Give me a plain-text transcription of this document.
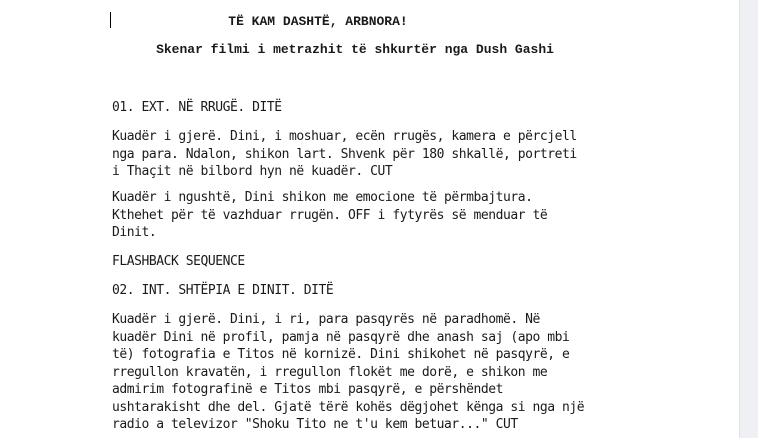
TË KAM DASHTË, ARBNORA!
Skenar filmi i metrazhit të shkurtër nga Dush Gashi
01. EXT. NË RRUGË. DITË
Kuadër i gjerë. Dini, i moshuar, ecën rrugës, kamera e përcjell
nga para. Ndalon, shikon lart. Shvenk për 180 shkallë, portreti
i Thaçit në bilbord hyn në kuadër. CUT
Kuadër i ngushtë, Dini shikon me emocione të përmbajtura.
Kthehet për të vazhduar rrugën. OFF i fytyrës së menduar të
Dinit.
FLASHBACK SEQUENCE
02. INT. SHTËPIA E DINIT. DITË
Kuadër i gjerë. Dini, i ri, para pasqyrës në paradhomë. Në
kuadër Dini në profil, pamja në pasqyrë dhe anash saj (apo mbi
të) fotografia e Titos në kornizë. Dini shikohet në pasqyrë, e
rregullon kravatën, i rregullon flokët me dorë, e shikon me
admirim fotografinë e Titos mbi pasqyrë, e përshëndet
ushtarakisht dhe del. Gjatë tërë kohës dëgjohet kënga si nga një
radio a televizor "Shoku Tito ne t'u kem betuar..." CUT
